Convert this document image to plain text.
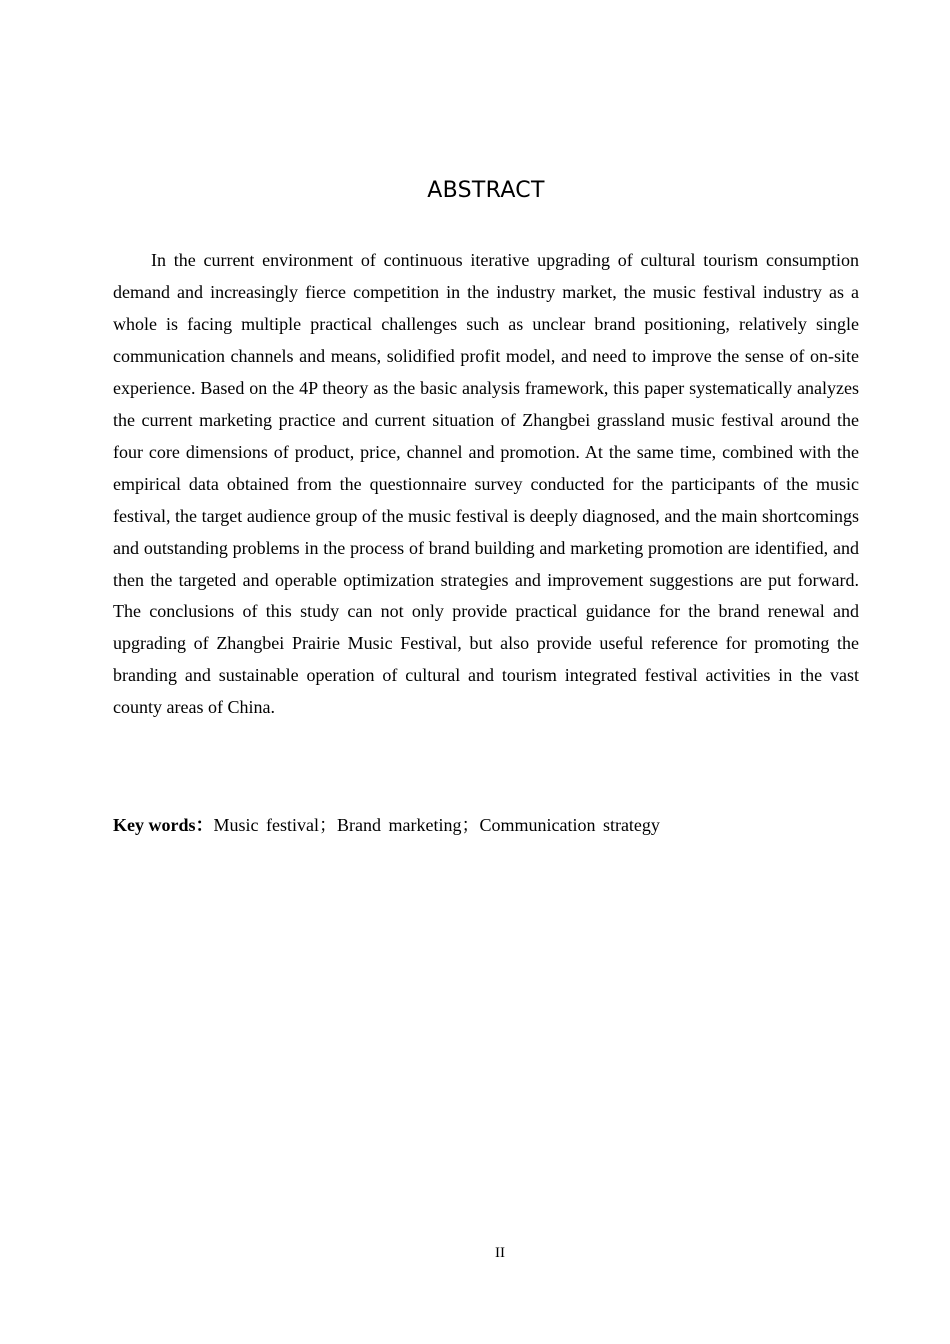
ABSTRACT

In the current environment of continuous iterative upgrading of cultural tourism consumption demand and increasingly fierce competition in the industry market, the music festival industry as a whole is facing multiple practical challenges such as unclear brand positioning, relatively single communication channels and means, solidified profit model, and need to improve the sense of on-site experience. Based on the 4P theory as the basic analysis framework, this paper systematically analyzes the current marketing practice and current situation of Zhangbei grassland music festival around the four core dimensions of product, price, channel and promotion. At the same time, combined with the empirical data obtained from the questionnaire survey conducted for the participants of the music festival, the target audience group of the music festival is deeply diagnosed, and the main shortcomings and outstanding problems in the process of brand building and marketing promotion are identified, and then the targeted and operable optimization strategies and improvement suggestions are put forward. The conclusions of this study can not only provide practical guidance for the brand renewal and upgrading of Zhangbei Prairie Music Festival, but also provide useful reference for promoting the branding and sustainable operation of cultural and tourism integrated festival activities in the vast county areas of China.

Key words：Music festival；Brand marketing；Communication strategy

II
